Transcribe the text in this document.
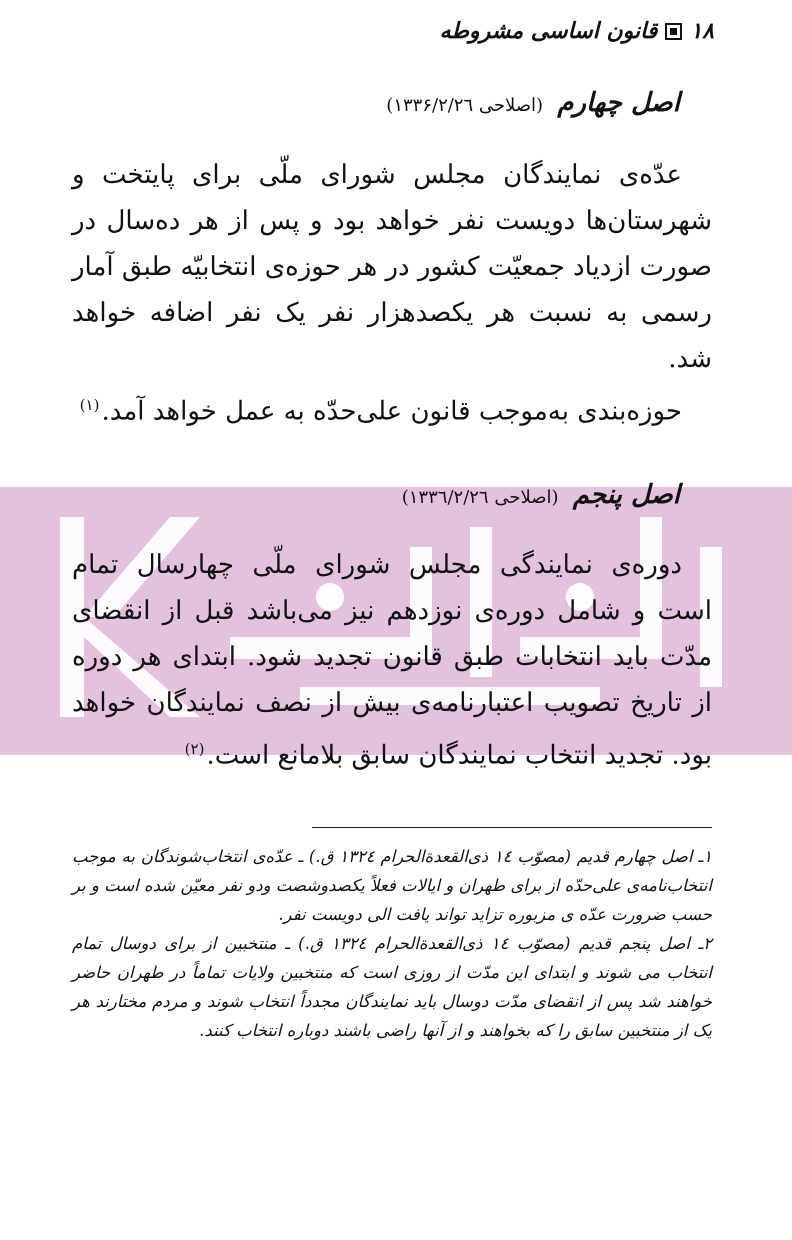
۱۸
قانون اساسی مشروطه
اصل چهارم (اصلاحی ۱۳۳۶/۲/۲٦)

عدّه‌ی نمایندگان مجلس شورای ملّی برای پایتخت و شهرستان‌ها دویست نفر خواهد بود و پس از هر ده‌سال در صورت ازدیاد جمعیّت کشور در هر حوزه‌ی انتخابیّه طبق آمار رسمی به نسبت هر یکصدهزار نفر یک نفر اضافه خواهد شد.

حوزه‌بندی به‌موجب قانون علی‌حدّه به عمل خواهد آمد.$^{(۱)}$

اصل پنجم (اصلاحی ۱۳۳٦/۲/۲٦)

دوره‌ی نمایندگی مجلس شورای ملّی چهارسال تمام است و شامل دوره‌ی نوزدهم نیز می‌باشد قبل از انقضای مدّت باید انتخابات طبق قانون تجدید شود. ابتدای هر دوره از تاریخ تصویب اعتبارنامه‌ی بیش از نصف نمایندگان خواهد بود. تجدید انتخاب نمایندگان سابق بلامانع است.$^{(۲)}$

۱ـ اصل چهارم قدیم (مصوّب ۱٤ ذی‌القعدةالحرام ۱۳۲٤ ق.) ـ عدّه‌ی انتخاب‌شوندگان به موجب انتخاب‌نامه‌ی علی‌حدّه از برای طهران و ایالات فعلاً یکصدوشصت ودو نفر معیّن شده است و بر حسب ضرورت عدّه ی مزبوره تزاید تواند یافت الی دویست نفر.

۲ـ اصل پنجم قدیم (مصوّب ۱٤ ذی‌القعدةالحرام ۱۳۲٤ ق.) ـ منتخبین از برای دوسال تمام انتخاب می شوند و ابتدای این مدّت از روزی است که منتخبین ولایات تماماً در طهران حاضر خواهند شد پس از انقضای مدّت دوسال باید نمایندگان مجدداً انتخاب شوند و مردم مختارند هر یک از منتخبین سابق را که بخواهند و از آنها راضی باشند دوباره انتخاب کنند.
